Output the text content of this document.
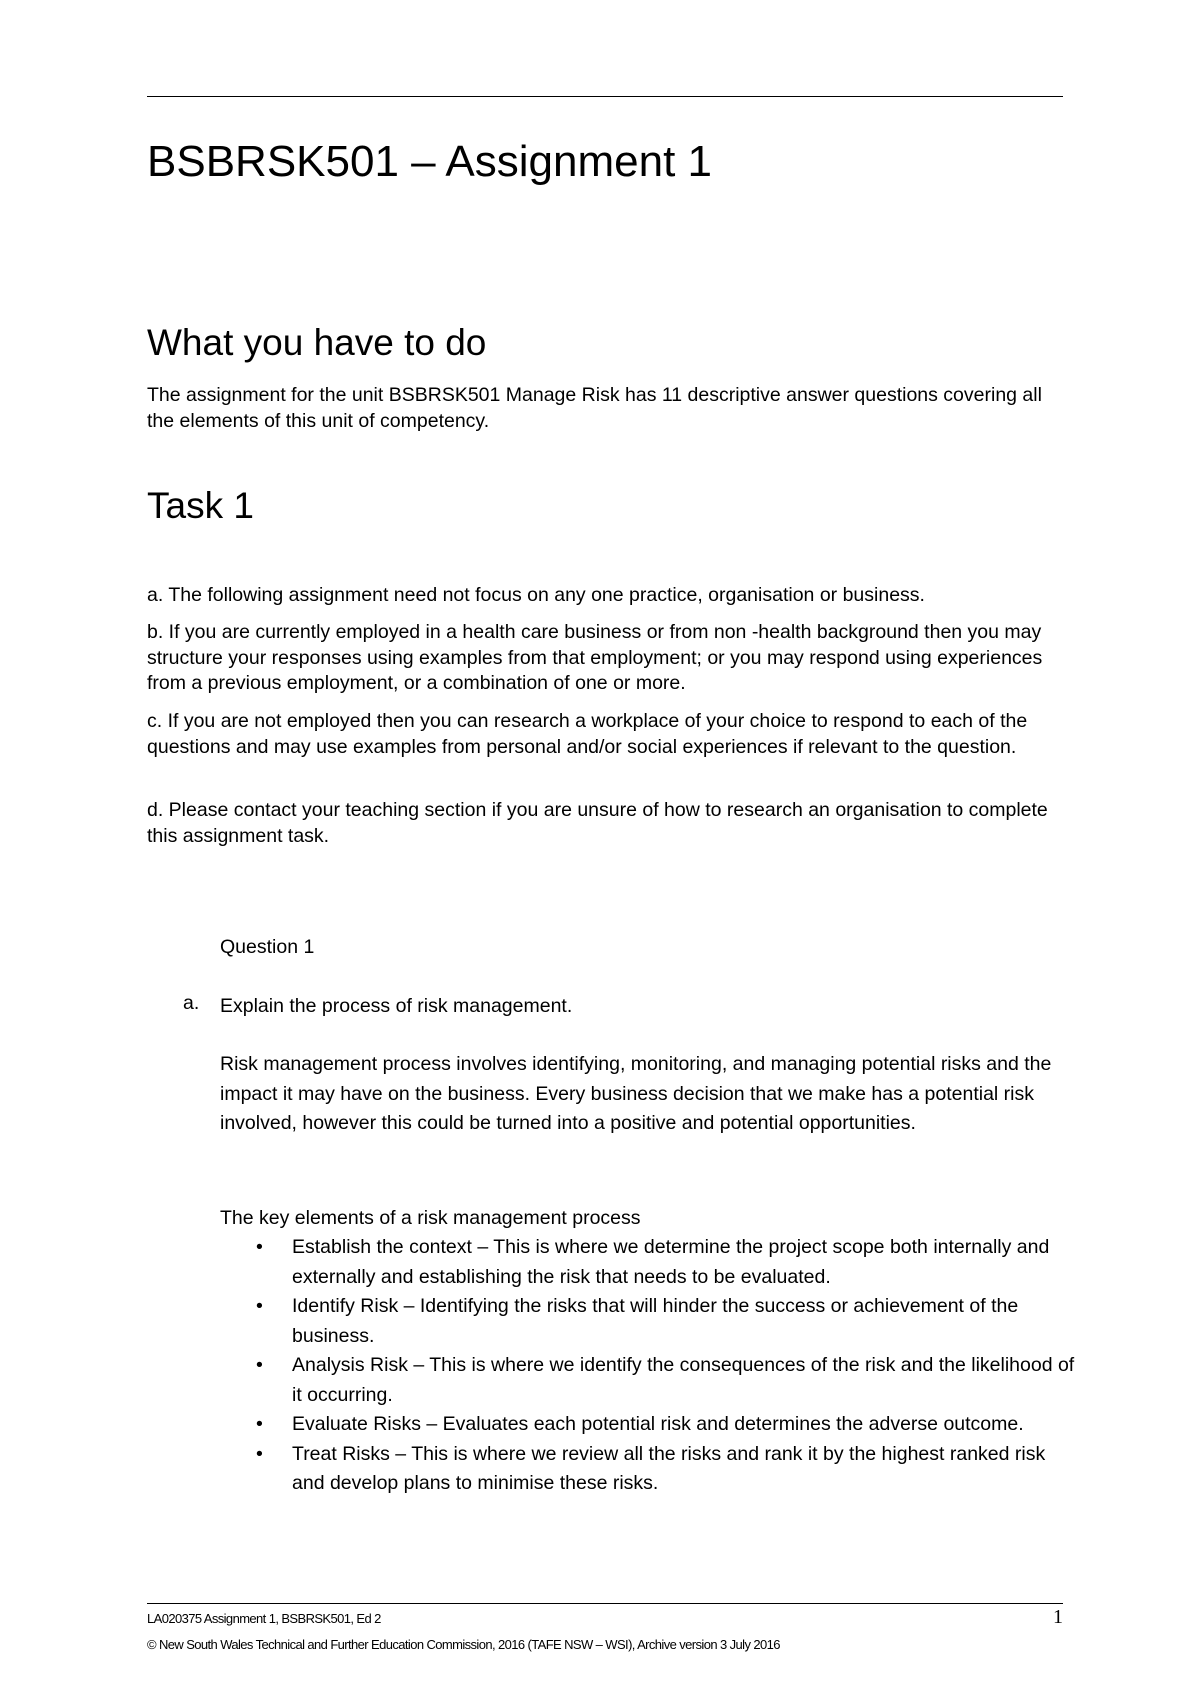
BSBRSK501 – Assignment 1
What you have to do

The assignment for the unit BSBRSK501 Manage Risk has 11 descriptive answer questions covering all the elements of this unit of competency.

Task 1

a. The following assignment need not focus on any one practice, organisation or business.

b. If you are currently employed in a health care business or from non -health background then you may structure your responses using examples from that employment; or you may respond using experiences from a previous employment, or a combination of one or more.

c. If you are not employed then you can research a workplace of your choice to respond to each of the questions and may use examples from personal and/or social experiences if relevant to the question.

d. Please contact your teaching section if you are unsure of how to research an organisation to complete this assignment task.

Question 1
a. Explain the process of risk management.

Risk management process involves identifying, monitoring, and managing potential risks and the impact it may have on the business. Every business decision that we make has a potential risk involved, however this could be turned into a positive and potential opportunities.

The key elements of a risk management process
• Establish the context – This is where we determine the project scope both internally and externally and establishing the risk that needs to be evaluated.
• Identify Risk – Identifying the risks that will hinder the success or achievement of the business.
• Analysis Risk – This is where we identify the consequences of the risk and the likelihood of it occurring.
• Evaluate Risks – Evaluates each potential risk and determines the adverse outcome.
• Treat Risks – This is where we review all the risks and rank it by the highest ranked risk and develop plans to minimise these risks.
LA020375 Assignment 1, BSBRSK501, Ed 2	1
© New South Wales Technical and Further Education Commission, 2016 (TAFE NSW – WSI), Archive version 3 July 2016
